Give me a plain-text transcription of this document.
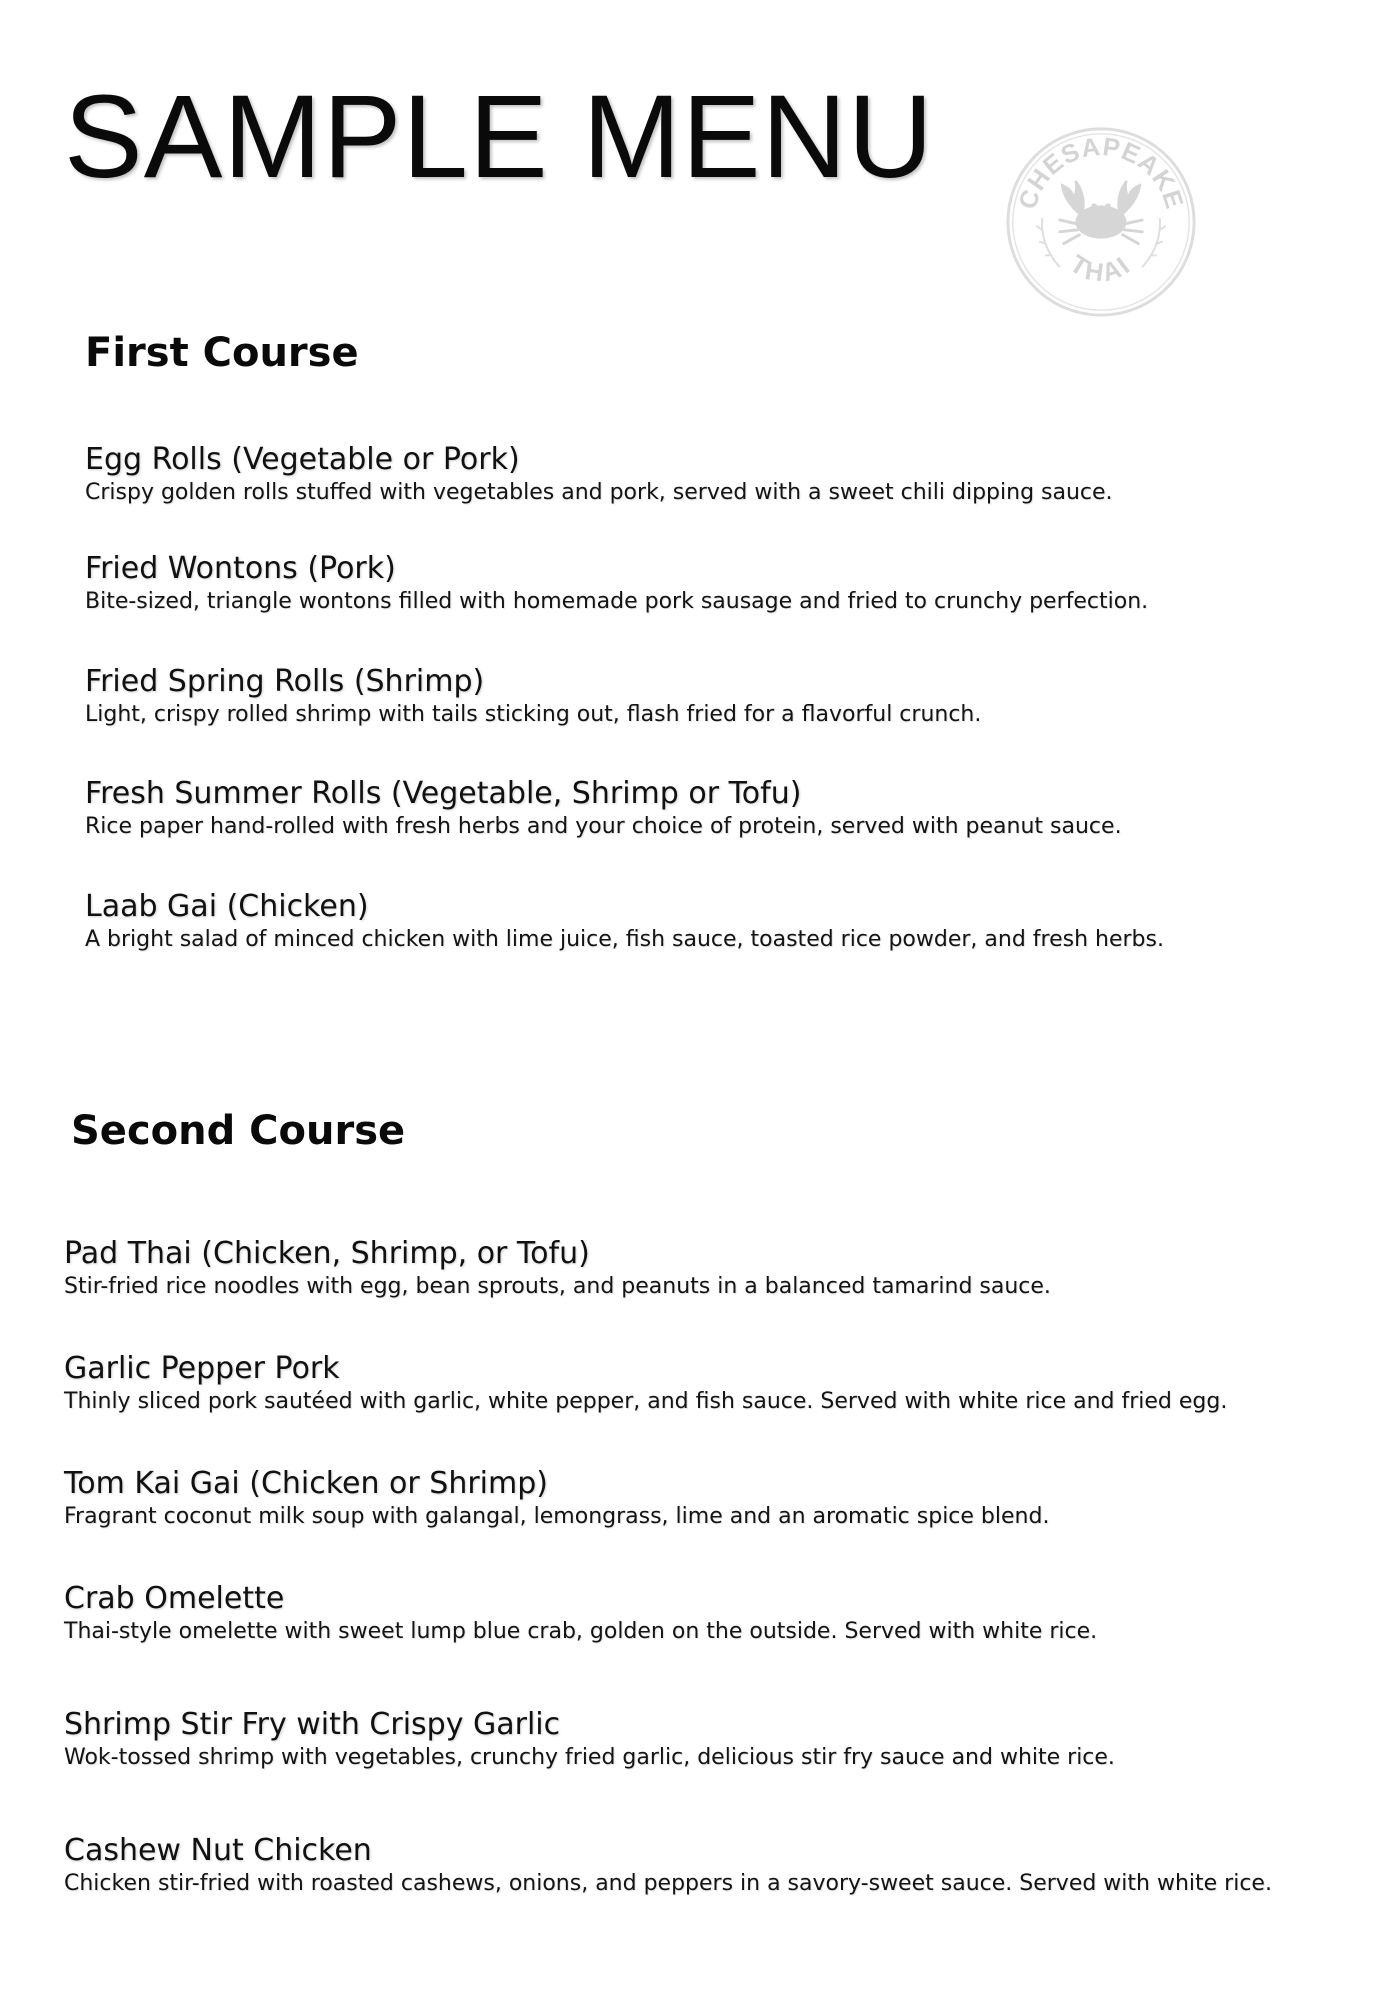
SAMPLE MENU	CHESAPEAKE
THAI
First Course
Egg Rolls (Vegetable or Pork)
Crispy golden rolls stuffed with vegetables and pork, served with a sweet chili dipping sauce.
Fried Wontons (Pork)
Bite-sized, triangle wontons filled with homemade pork sausage and fried to crunchy perfection.
Fried Spring Rolls (Shrimp)
Light, crispy rolled shrimp with tails sticking out, flash fried for a flavorful crunch.
Fresh Summer Rolls (Vegetable, Shrimp or Tofu)
Rice paper hand-rolled with fresh herbs and your choice of protein, served with peanut sauce.
Laab Gai (Chicken)
A bright salad of minced chicken with lime juice, fish sauce, toasted rice powder, and fresh herbs.
Second Course
Pad Thai (Chicken, Shrimp, or Tofu)
Stir-fried rice noodles with egg, bean sprouts, and peanuts in a balanced tamarind sauce.
Garlic Pepper Pork
Thinly sliced pork sautéed with garlic, white pepper, and fish sauce. Served with white rice and fried egg.
Tom Kai Gai (Chicken or Shrimp)
Fragrant coconut milk soup with galangal, lemongrass, lime and an aromatic spice blend.
Crab Omelette
Thai-style omelette with sweet lump blue crab, golden on the outside. Served with white rice.
Shrimp Stir Fry with Crispy Garlic
Wok-tossed shrimp with vegetables, crunchy fried garlic, delicious stir fry sauce and white rice.
Cashew Nut Chicken
Chicken stir-fried with roasted cashews, onions, and peppers in a savory-sweet sauce. Served with white rice.
